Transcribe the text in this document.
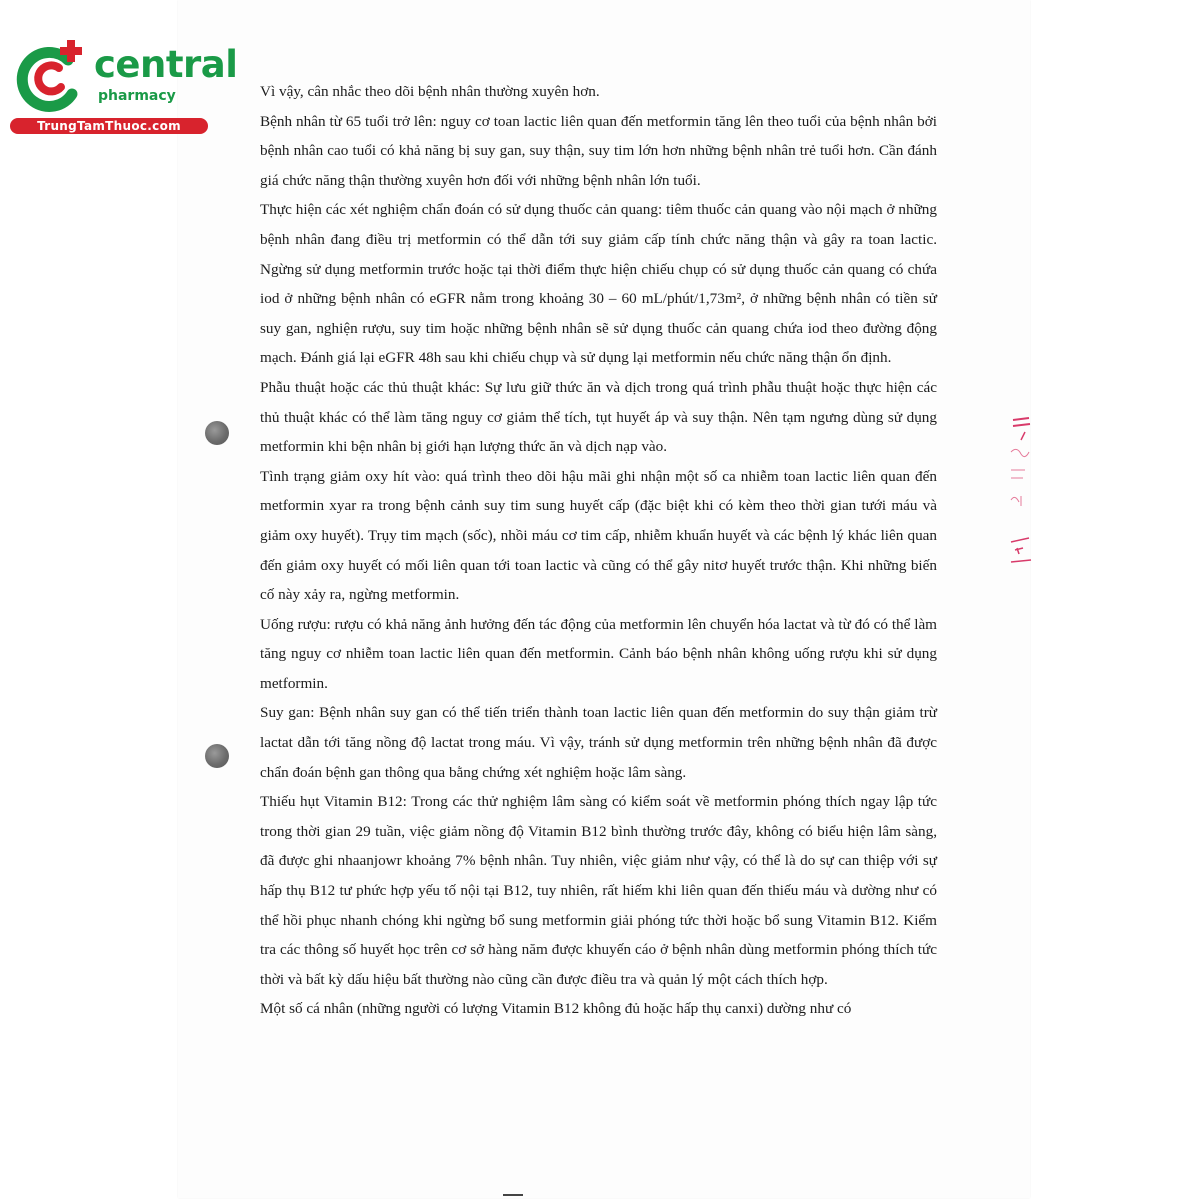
central
pharmacy
TrungTamThuoc.com

Vì vậy, cân nhắc theo dõi bệnh nhân thường xuyên hơn.

Bệnh nhân từ 65 tuổi trở lên: nguy cơ toan lactic liên quan đến metformin tăng lên theo tuổi của bệnh nhân bởi bệnh nhân cao tuổi có khả năng bị suy gan, suy thận, suy tim lớn hơn những bệnh nhân trẻ tuổi hơn. Cần đánh giá chức năng thận thường xuyên hơn đối với những bệnh nhân lớn tuổi.

Thực hiện các xét nghiệm chẩn đoán có sử dụng thuốc cản quang: tiêm thuốc cản quang vào nội mạch ở những bệnh nhân đang điều trị metformin có thể dẫn tới suy giảm cấp tính chức năng thận và gây ra toan lactic. Ngừng sử dụng metformin trước hoặc tại thời điểm thực hiện chiếu chụp có sử dụng thuốc cản quang có chứa iod ở những bệnh nhân có eGFR nằm trong khoảng 30 – 60 mL/phút/1,73m², ở những bệnh nhân có tiền sử suy gan, nghiện rượu, suy tim hoặc những bệnh nhân sẽ sử dụng thuốc cản quang chứa iod theo đường động mạch. Đánh giá lại eGFR 48h sau khi chiếu chụp và sử dụng lại metformin nếu chức năng thận ổn định.

Phẫu thuật hoặc các thủ thuật khác: Sự lưu giữ thức ăn và dịch trong quá trình phẫu thuật hoặc thực hiện các thủ thuật khác có thể làm tăng nguy cơ giảm thể tích, tụt huyết áp và suy thận. Nên tạm ngưng dùng sử dụng metformin khi bện nhân bị giới hạn lượng thức ăn và dịch nạp vào.

Tình trạng giảm oxy hít vào: quá trình theo dõi hậu mãi ghi nhận một số ca nhiễm toan lactic liên quan đến metformin xyar ra trong bệnh cảnh suy tim sung huyết cấp (đặc biệt khi có kèm theo thời gian tưới máu và giảm oxy huyết). Trụy tim mạch (sốc), nhồi máu cơ tim cấp, nhiễm khuẩn huyết và các bệnh lý khác liên quan đến giảm oxy huyết có mối liên quan tới toan lactic và cũng có thể gây nitơ huyết trước thận. Khi những biến cố này xảy ra, ngừng metformin.

Uống rượu: rượu có khả năng ảnh hưởng đến tác động của metformin lên chuyển hóa lactat và từ đó có thể làm tăng nguy cơ nhiễm toan lactic liên quan đến metformin. Cảnh báo bệnh nhân không uống rượu khi sử dụng metformin.

Suy gan: Bệnh nhân suy gan có thể tiến triển thành toan lactic liên quan đến metformin do suy thận giảm trừ lactat dẫn tới tăng nồng độ lactat trong máu. Vì vậy, tránh sử dụng metformin trên những bệnh nhân đã được chẩn đoán bệnh gan thông qua bằng chứng xét nghiệm hoặc lâm sàng.

Thiếu hụt Vitamin B12: Trong các thử nghiệm lâm sàng có kiểm soát về metformin phóng thích ngay lập tức trong thời gian 29 tuần, việc giảm nồng độ Vitamin B12 bình thường trước đây, không có biểu hiện lâm sàng, đã được ghi nhaanjowr khoảng 7% bệnh nhân. Tuy nhiên, việc giảm như vậy, có thể là do sự can thiệp với sự hấp thụ B12 tư phức hợp yếu tố nội tại B12, tuy nhiên, rất hiếm khi liên quan đến thiếu máu và dường như có thể hồi phục nhanh chóng khi ngừng bổ sung metformin giải phóng tức thời hoặc bổ sung Vitamin B12. Kiểm tra các thông số huyết học trên cơ sở hàng năm được khuyến cáo ở bệnh nhân dùng metformin phóng thích tức thời và bất kỳ dấu hiệu bất thường nào cũng cần được điều tra và quản lý một cách thích hợp.

Một số cá nhân (những người có lượng Vitamin B12 không đủ hoặc hấp thụ canxi) dường như có
